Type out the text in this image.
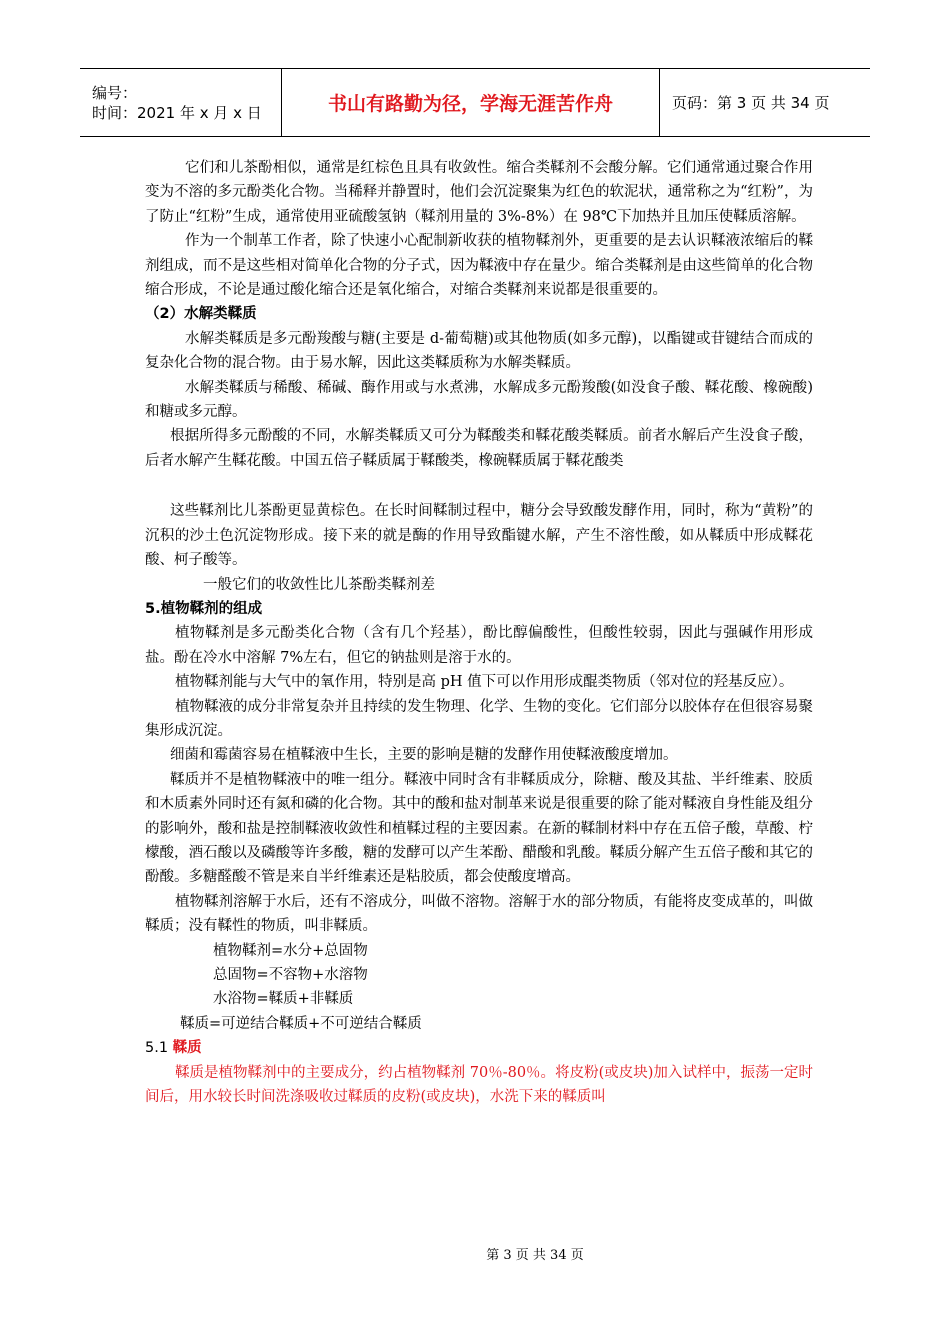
编号：
时间：2021 年 x 月 x 日	书山有路勤为径，学海无涯苦作舟	页码：第 3 页 共 34 页

它们和儿茶酚相似，通常是红棕色且具有收敛性。缩合类鞣剂不会酸分解。它们通常通过聚合作用变为不溶的多元酚类化合物。当稀释并静置时，他们会沉淀聚集为红色的软泥状，通常称之为“红粉”，为了防止“红粉”生成，通常使用亚硫酸氢钠（鞣剂用量的 3%-8%）在 98℃下加热并且加压使鞣质溶解。

作为一个制革工作者，除了快速小心配制新收获的植物鞣剂外，更重要的是去认识鞣液浓缩后的鞣剂组成，而不是这些相对简单化合物的分子式，因为鞣液中存在量少。缩合类鞣剂是由这些简单的化合物缩合形成，不论是通过酸化缩合还是氧化缩合，对缩合类鞣剂来说都是很重要的。

（2）水解类鞣质

水解类鞣质是多元酚羧酸与糖(主要是 d-葡萄糖)或其他物质(如多元醇)，以酯键或苷键结合而成的复杂化合物的混合物。由于易水解，因此这类鞣质称为水解类鞣质。

水解类鞣质与稀酸、稀碱、酶作用或与水煮沸，水解成多元酚羧酸(如没食子酸、鞣花酸、橡碗酸)和糖或多元醇。

根据所得多元酚酸的不同，水解类鞣质又可分为鞣酸类和鞣花酸类鞣质。前者水解后产生没食子酸，后者水解产生鞣花酸。中国五倍子鞣质属于鞣酸类，橡碗鞣质属于鞣花酸类

这些鞣剂比儿茶酚更显黄棕色。在长时间鞣制过程中，糖分会导致酸发酵作用，同时，称为“黄粉”的沉积的沙土色沉淀物形成。接下来的就是酶的作用导致酯键水解，产生不溶性酸，如从鞣质中形成鞣花酸、柯子酸等。

一般它们的收敛性比儿茶酚类鞣剂差

5.植物鞣剂的组成

植物鞣剂是多元酚类化合物（含有几个羟基），酚比醇偏酸性，但酸性较弱，因此与强碱作用形成盐。酚在冷水中溶解 7%左右，但它的钠盐则是溶于水的。

植物鞣剂能与大气中的氧作用，特别是高 pH 值下可以作用形成醌类物质（邻对位的羟基反应）。

植物鞣液的成分非常复杂并且持续的发生物理、化学、生物的变化。它们部分以胶体存在但很容易聚集形成沉淀。

细菌和霉菌容易在植鞣液中生长，主要的影响是糖的发酵作用使鞣液酸度增加。

鞣质并不是植物鞣液中的唯一组分。鞣液中同时含有非鞣质成分，除糖、酸及其盐、半纤维素、胶质和木质素外同时还有氮和磷的化合物。其中的酸和盐对制革来说是很重要的除了能对鞣液自身性能及组分的影响外，酸和盐是控制鞣液收敛性和植鞣过程的主要因素。在新的鞣制材料中存在五倍子酸，草酸、柠檬酸，酒石酸以及磷酸等许多酸，糖的发酵可以产生苯酚、醋酸和乳酸。鞣质分解产生五倍子酸和其它的酚酸。多糖醛酸不管是来自半纤维素还是粘胶质，都会使酸度增高。

植物鞣剂溶解于水后，还有不溶成分，叫做不溶物。溶解于水的部分物质，有能将皮变成革的，叫做鞣质；没有鞣性的物质，叫非鞣质。

植物鞣剂=水分+总固物

总固物=不容物+水溶物

水浴物=鞣质+非鞣质

鞣质=可逆结合鞣质+不可逆结合鞣质

5.1 鞣质

鞣质是植物鞣剂中的主要成分，约占植物鞣剂 70％-80％。将皮粉(或皮块)加入试样中，振荡一定时间后，用水较长时间洗涤吸收过鞣质的皮粉(或皮块)，水洗下来的鞣质叫

第 3 页 共 34 页
